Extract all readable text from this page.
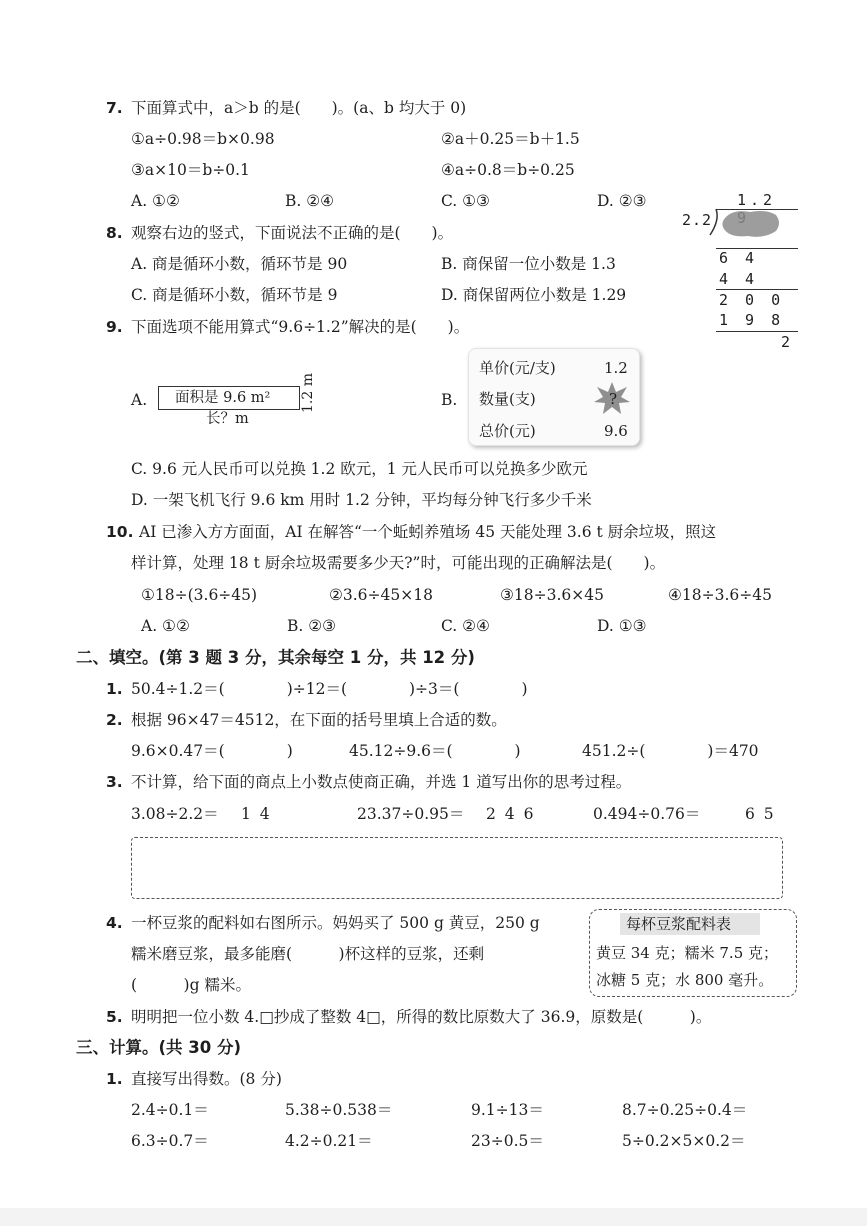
7. 下面算式中，a＞b 的是(　　)。(a、b 均大于 0)
①a÷0.98＝b×0.98	②a＋0.25＝b＋1.5
③a×10＝b÷0.1	④a÷0.8＝b÷0.25
A. ①②	B. ②④	C. ①③	D. ②③
8. 观察右边的竖式，下面说法不正确的是(　　)。
A. 商是循环小数，循环节是 90	B. 商保留一位小数是 1.3
C. 商是循环小数，循环节是 9	D. 商保留两位小数是 1.29
1.2
2.2
6 4
4 4
2 0 0
1 9 8
2
9. 下面选项不能用算式“9.6÷1.2”解决的是(　　)。
A. 面积是 9.6 m² 1.2 m
长？m
B.
单价(元/支)	1.2
数量(支)	?
总价(元)	9.6
C. 9.6 元人民币可以兑换 1.2 欧元，1 元人民币可以兑换多少欧元
D. 一架飞机飞行 9.6 km 用时 1.2 分钟，平均每分钟飞行多少千米
10. AI 已渗入方方面面，AI 在解答“一个蚯蚓养殖场 45 天能处理 3.6 t 厨余垃圾，照这
样计算，处理 18 t 厨余垃圾需要多少天?”时，可能出现的正确解法是(　　)。
①18÷(3.6÷45)	②3.6÷45×18	③18÷3.6×45	④18÷3.6÷45
A. ①②	B. ②③	C. ②④	D. ①③
二、填空。(第 3 题 3 分，其余每空 1 分，共 12 分)
1. 50.4÷1.2＝(　　　　)÷12＝(　　　　)÷3＝(　　　　)
2. 根据 96×47＝4512，在下面的括号里填上合适的数。
9.6×0.47＝(　　　　)	45.12÷9.6＝(　　　　)	451.2÷(　　　　)＝470
3. 不计算，给下面的商点上小数点使商正确，并选 1 道写出你的思考过程。
3.08÷2.2＝ 1 4	23.37÷0.95＝ 2 4 6	0.494÷0.76＝	6 5
4. 一杯豆浆的配料如右图所示。妈妈买了 500 g 黄豆，250 g
糯米磨豆浆，最多能磨(　　　)杯这样的豆浆，还剩
(　　　)g 糯米。
每杯豆浆配料表
黄豆 34 克；糯米 7.5 克；
冰糖 5 克；水 800 毫升。
5. 明明把一位小数 4.□抄成了整数 4□，所得的数比原数大了 36.9，原数是(　　　)。
三、计算。(共 30 分)
1. 直接写出得数。(8 分)
2.4÷0.1＝	5.38÷0.538＝	9.1÷13＝	8.7÷0.25÷0.4＝
6.3÷0.7＝	4.2÷0.21＝	23÷0.5＝	5÷0.2×5×0.2＝
